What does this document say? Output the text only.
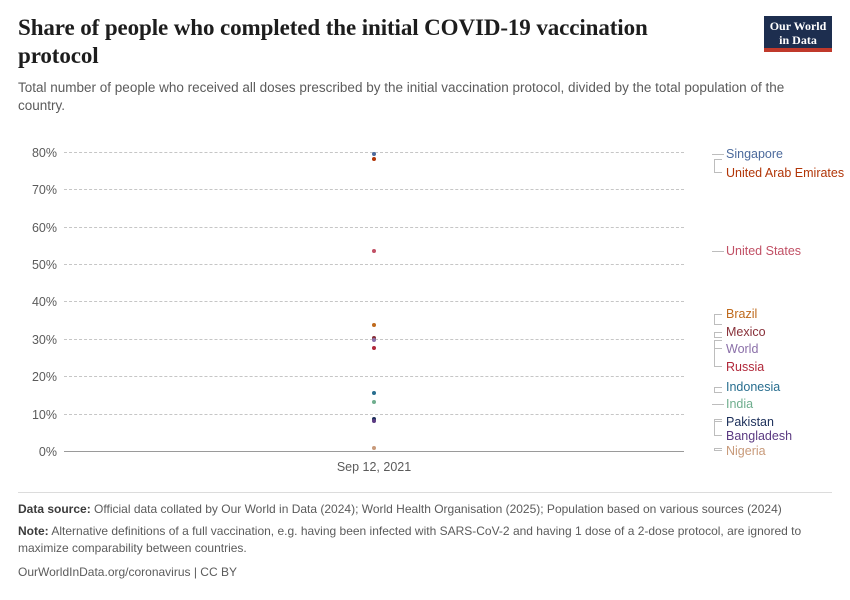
Share of people who completed the initial COVID-19 vaccination protocol

Total number of people who received all doses prescribed by the initial vaccination protocol, divided by the total population of the country.

Our World
in Data
0%
10%
20%
30%
40%
50%
60%
70%
80%
Sep 12, 2021
Singapore
United Arab Emirates
United States
Brazil
Mexico
World
Russia
Indonesia
India
Pakistan
Bangladesh
Nigeria
Data source: Official data collated by Our World in Data (2024); World Health Organisation (2025); Population based on various sources (2024)
Note: Alternative definitions of a full vaccination, e.g. having been infected with SARS-CoV-2 and having 1 dose of a 2-dose protocol, are ignored to maximize comparability between countries.
OurWorldInData.org/coronavirus | CC BY
